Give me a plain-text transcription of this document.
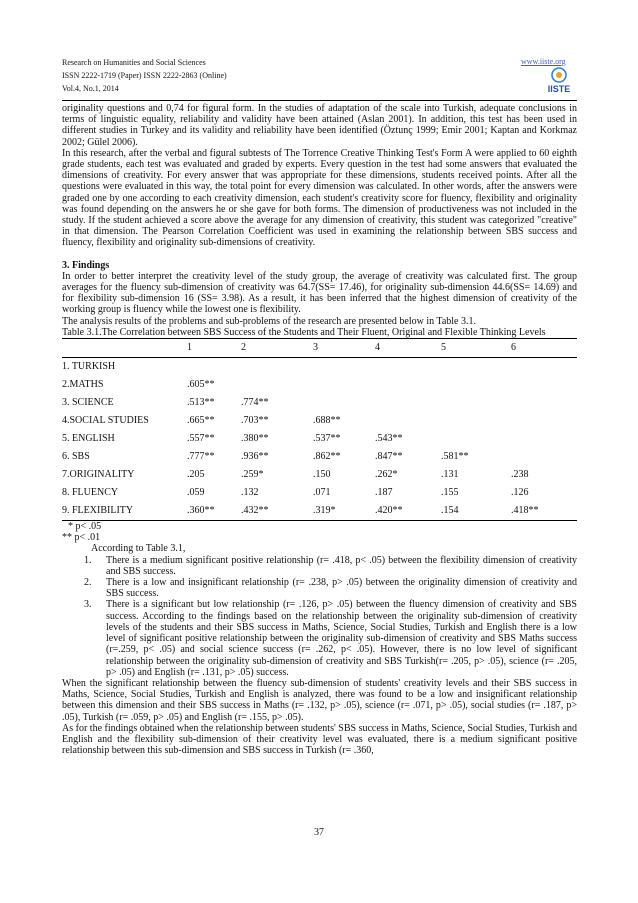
Research on Humanities and Social Sciences
ISSN 2222-1719 (Paper) ISSN 2222-2863 (Online)
Vol.4, No.1, 2014
www.iiste.org
IISTE

originality questions and 0,74 for figural form. In the studies of adaptation of the scale into Turkish, adequate conclusions in terms of linguistic equality, reliability and validity have been attained (Aslan 2001). In addition, this test has been used in different studies in Turkey and its validity and reliability have been identified (Öztunç 1999; Emir 2001; Kaptan and Korkmaz 2002; Gülel 2006).

In this research, after the verbal and figural subtests of The Torrence Creative Thinking Test's Form A were applied to 60 eighth grade students, each test was evaluated and graded by experts. Every question in the test had some answers that evaluated the dimensions of creativity. For every answer that was appropriate for these dimensions, students received points. After all the questions were evaluated in this way, the total point for every dimension was calculated. In other words, after the answers were graded one by one according to each creativity dimension, each student's creativity score for fluency, flexibility and originality was found depending on the answers he or she gave for both forms. The dimension of productiveness was not included in the study. If the student achieved a score above the average for any dimension of creativity, this student was categorized "creative" in that dimension. The Pearson Correlation Coefficient was used in examining the relationship between SBS success and fluency, flexibility and originality sub-dimensions of creativity.

3. Findings

In order to better interpret the creativity level of the study group, the average of creativity was calculated first. The group averages for the fluency sub-dimension of creativity was 64.7(SS= 17.46), for originality sub-dimension 44.6(SS= 14.69) and for flexibility sub-dimension 16 (SS= 3.98). As a result, it has been inferred that the highest dimension of creativity of the working group is fluency while the lowest one is flexibility.

The analysis results of the problems and sub-problems of the research are presented below in Table 3.1.

Table 3.1.The Correlation between SBS Success of the Students and Their Fluent, Original and Flexible Thinking Levels

	1	2	3	4	5	6
1. TURKISH						
2.MATHS	.605**					
3. SCIENCE	.513**	.774**				
4.SOCIAL STUDIES	.665**	.703**	.688**			
5. ENGLISH	.557**	.380**	.537**	.543**		
6. SBS	.777**	.936**	.862**	.847**	.581**	
7.ORIGINALITY	.205	.259*	.150	.262*	.131	.238
8. FLUENCY	.059	.132	.071	.187	.155	.126
9. FLEXIBILITY	.360**	.432**	.319*	.420**	.154	.418**

* p< .05

** p< .01

According to Table 3.1,

1. There is a medium significant positive relationship (r= .418, p< .05) between the flexibility dimension of creativity and SBS success.
2. There is a low and insignificant relationship (r= .238, p> .05) between the originality dimension of creativity and SBS success.
3. There is a significant but low relationship (r= .126, p> .05) between the fluency dimension of creativity and SBS success. According to the findings based on the relationship between the originality sub-dimension of creativity levels of the students and their SBS success in Maths, Science, Social Studies, Turkish and English there is a low level of significant positive relationship between the originality sub-dimension of creativity and SBS Maths success (r=.259, p< .05) and social science success (r= .262, p< .05). However, there is no low level of significant relationship between the originality sub-dimension of creativity and SBS Turkish(r= .205, p> .05), science (r= .205, p> .05) and English (r= .131, p> .05) success.

When the significant relationship between the fluency sub-dimension of students' creativity levels and their SBS success in Maths, Science, Social Studies, Turkish and English is analyzed, there was found to be a low and insignificant relationship between this dimension and their SBS success in Maths (r= .132, p> .05), science (r= .071, p> .05), social studies (r= .187, p> .05), Turkish (r= .059, p> .05) and English (r= .155, p> .05).

As for the findings obtained when the relationship between students' SBS success in Maths, Science, Social Studies, Turkish and English and the flexibility sub-dimension of their creativity level was evaluated, there is a medium significant positive relationship between this sub-dimension and SBS success in Turkish (r= .360,

37
